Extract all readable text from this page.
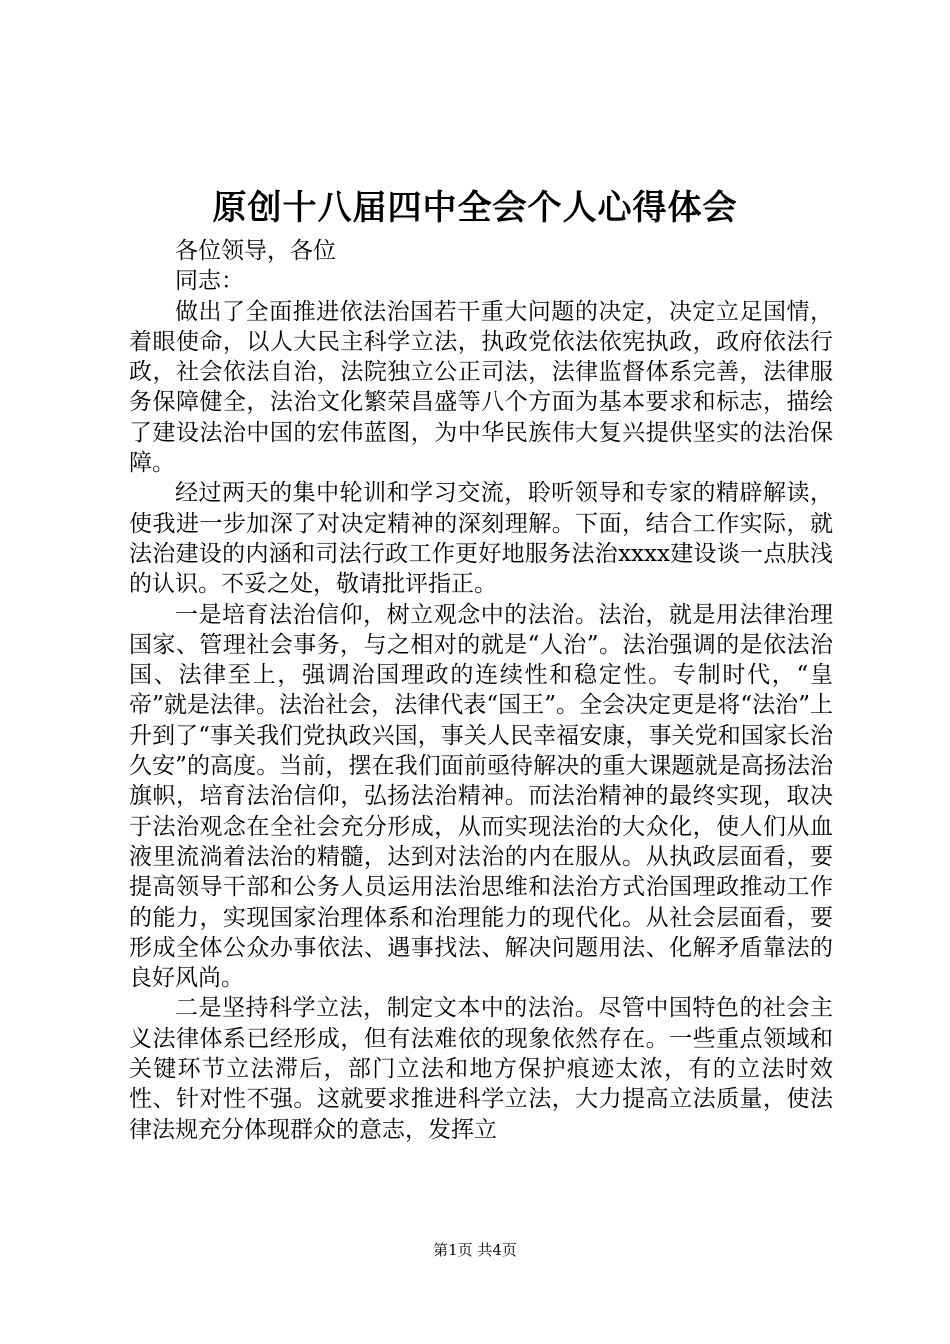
原创十八届四中全会个人心得体会

各位领导，各位

同志：

做出了全面推进依法治国若干重大问题的决定，决定立足国情，着眼使命，以人大民主科学立法，执政党依法依宪执政，政府依法行政，社会依法自治，法院独立公正司法，法律监督体系完善，法律服务保障健全，法治文化繁荣昌盛等八个方面为基本要求和标志，描绘了建设法治中国的宏伟蓝图，为中华民族伟大复兴提供坚实的法治保障。

经过两天的集中轮训和学习交流，聆听领导和专家的精辟解读，使我进一步加深了对决定精神的深刻理解。下面，结合工作实际，就法治建设的内涵和司法行政工作更好地服务法治xxxx建设谈一点肤浅的认识。不妥之处，敬请批评指正。

一是培育法治信仰，树立观念中的法治。法治，就是用法律治理国家、管理社会事务，与之相对的就是“人治”。法治强调的是依法治国、法律至上，强调治国理政的连续性和稳定性。专制时代，“皇帝”就是法律。法治社会，法律代表“国王”。全会决定更是将“法治”上升到了“事关我们党执政兴国，事关人民幸福安康，事关党和国家长治久安”的高度。当前，摆在我们面前亟待解决的重大课题就是高扬法治旗帜，培育法治信仰，弘扬法治精神。而法治精神的最终实现，取决于法治观念在全社会充分形成，从而实现法治的大众化，使人们从血液里流淌着法治的精髓，达到对法治的内在服从。从执政层面看，要提高领导干部和公务人员运用法治思维和法治方式治国理政推动工作的能力，实现国家治理体系和治理能力的现代化。从社会层面看，要形成全体公众办事依法、遇事找法、解决问题用法、化解矛盾靠法的良好风尚。

二是坚持科学立法，制定文本中的法治。尽管中国特色的社会主义法律体系已经形成，但有法难依的现象依然存在。一些重点领域和关键环节立法滞后，部门立法和地方保护痕迹太浓，有的立法时效性、针对性不强。这就要求推进科学立法，大力提高立法质量，使法律法规充分体现群众的意志，发挥立

第1页 共4页
